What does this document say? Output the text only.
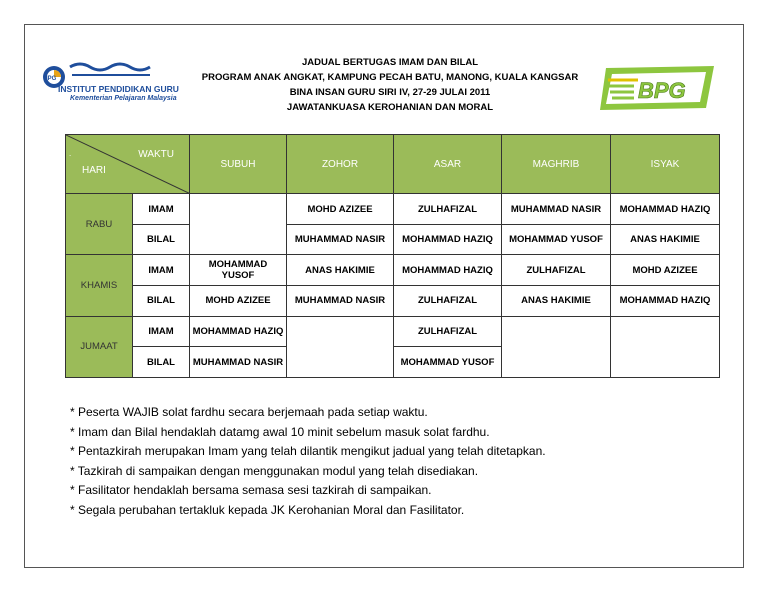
IPG
INSTITUT PENDIDIKAN GURU
Kementerian Pelajaran Malaysia
JADUAL BERTUGAS IMAM DAN BILAL
PROGRAM ANAK ANGKAT, KAMPUNG PECAH BATU, MANONG, KUALA KANGSAR
BINA INSAN GURU SIRI IV, 27-29 JULAI 2011
JAWATANKUASA KEROHANIAN DAN MORAL
BPG
. WAKTU
HARI		SUBUH	ZOHOR	ASAR	MAGHRIB	ISYAK
RABU	IMAM		MOHD AZIZEE	ZULHAFIZAL	MUHAMMAD NASIR	MOHAMMAD HAZIQ
	BILAL		MUHAMMAD NASIR	MOHAMMAD HAZIQ	MOHAMMAD YUSOF	ANAS HAKIMIE
KHAMIS	IMAM	MOHAMMAD YUSOF	ANAS HAKIMIE	MOHAMMAD HAZIQ	ZULHAFIZAL	MOHD AZIZEE
	BILAL	MOHD AZIZEE	MUHAMMAD NASIR	ZULHAFIZAL	ANAS HAKIMIE	MOHAMMAD HAZIQ
JUMAAT	IMAM	MOHAMMAD HAZIQ		ZULHAFIZAL		
	BILAL	MUHAMMAD NASIR		MOHAMMAD YUSOF		
* Peserta WAJIB solat fardhu secara berjemaah pada setiap waktu.
* Imam dan Bilal hendaklah datamg awal 10 minit sebelum masuk solat fardhu.
* Pentazkirah merupakan Imam yang telah dilantik mengikut jadual yang telah ditetapkan.
* Tazkirah di sampaikan dengan menggunakan modul yang telah disediakan.
* Fasilitator hendaklah bersama semasa sesi tazkirah di sampaikan.
* Segala perubahan tertakluk kepada JK Kerohanian Moral dan Fasilitator.
